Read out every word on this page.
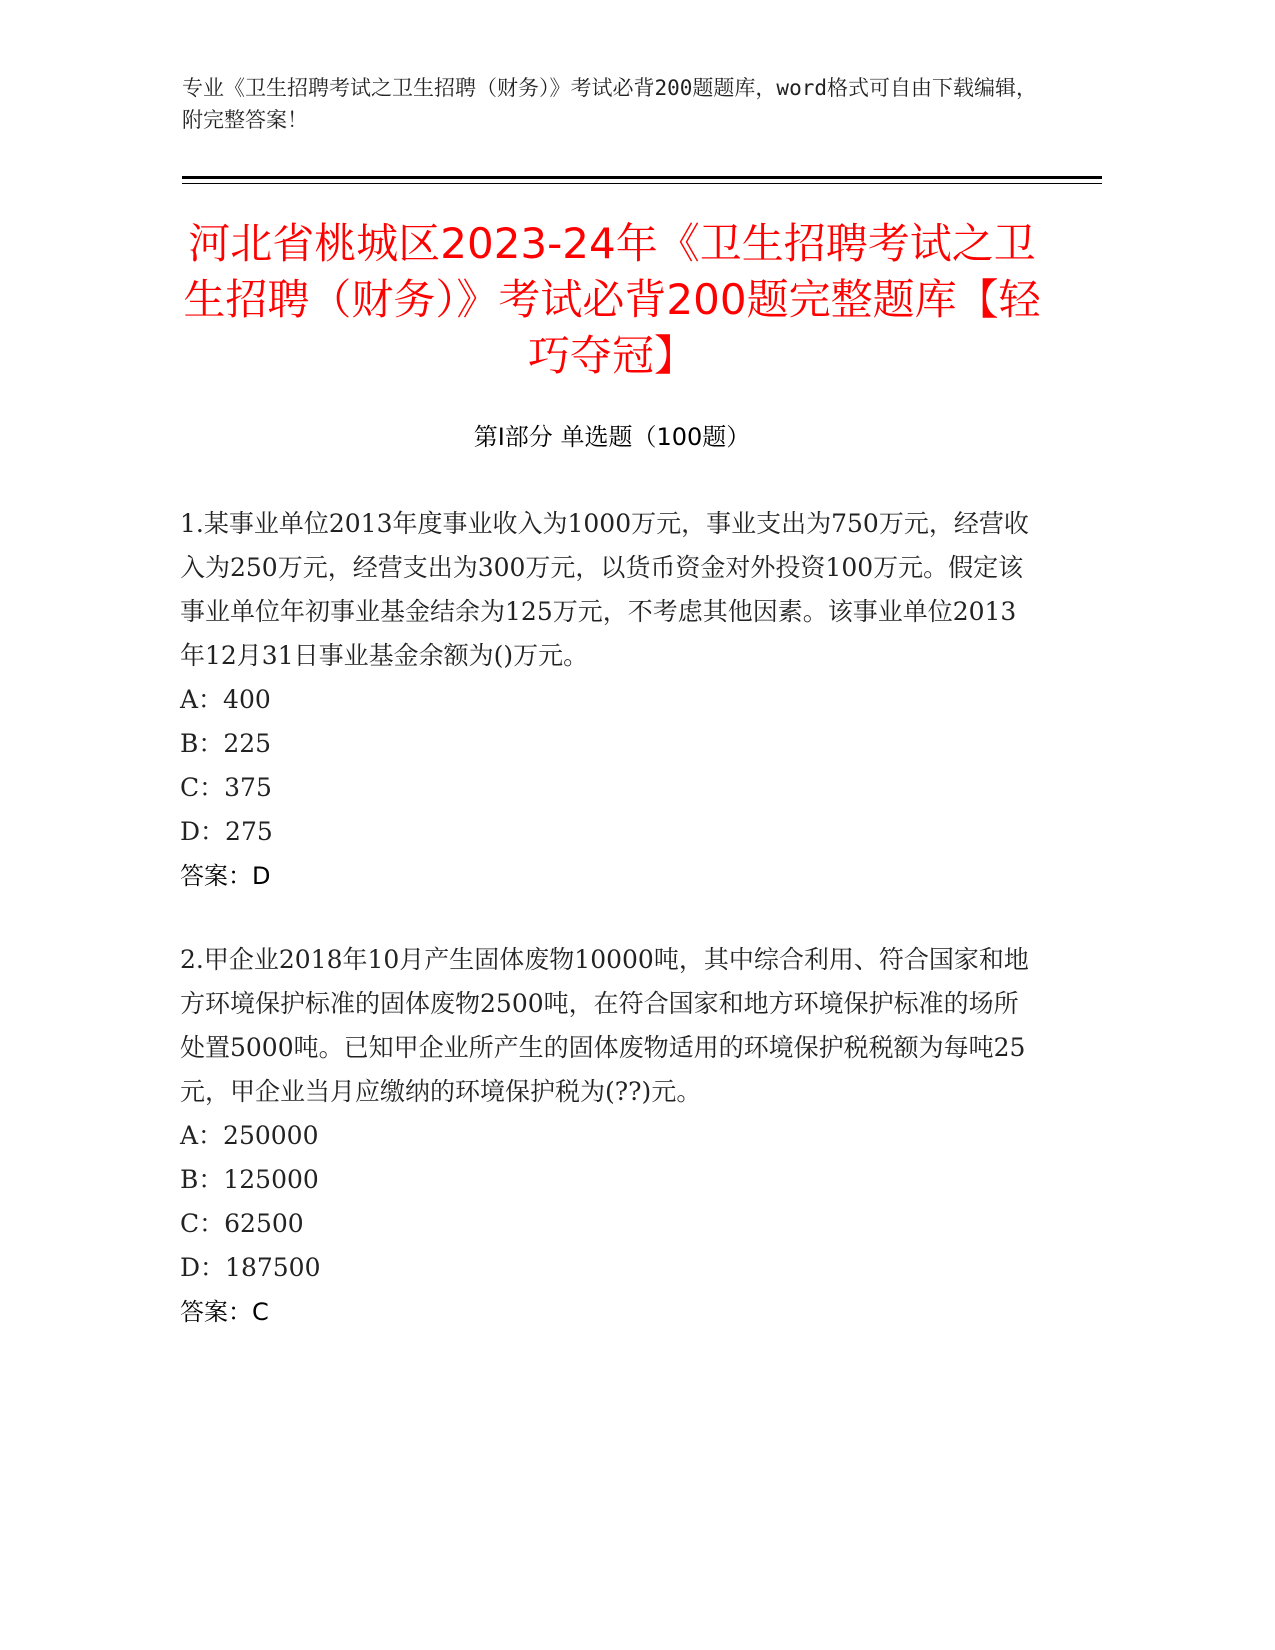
专业《卫生招聘考试之卫生招聘（财务）》考试必背200题题库，word格式可自由下载编辑，附完整答案！
河北省桃城区2023-24年《卫生招聘考试之卫生招聘（财务）》考试必背200题完整题库【轻巧夺冠】
第I部分 单选题（100题）

1.某事业单位2013年度事业收入为1000万元，事业支出为750万元，经营收入为250万元，经营支出为300万元，以货币资金对外投资100万元。假定该事业单位年初事业基金结余为125万元，不考虑其他因素。该事业单位2013年12月31日事业基金余额为()万元。

A：400

B：225

C：375

D：275

答案：D

2.甲企业2018年10月产生固体废物10000吨，其中综合利用、符合国家和地方环境保护标准的固体废物2500吨，在符合国家和地方环境保护标准的场所处置5000吨。已知甲企业所产生的固体废物适用的环境保护税税额为每吨25元，甲企业当月应缴纳的环境保护税为(??)元。

A：250000

B：125000

C：62500

D：187500

答案：C
